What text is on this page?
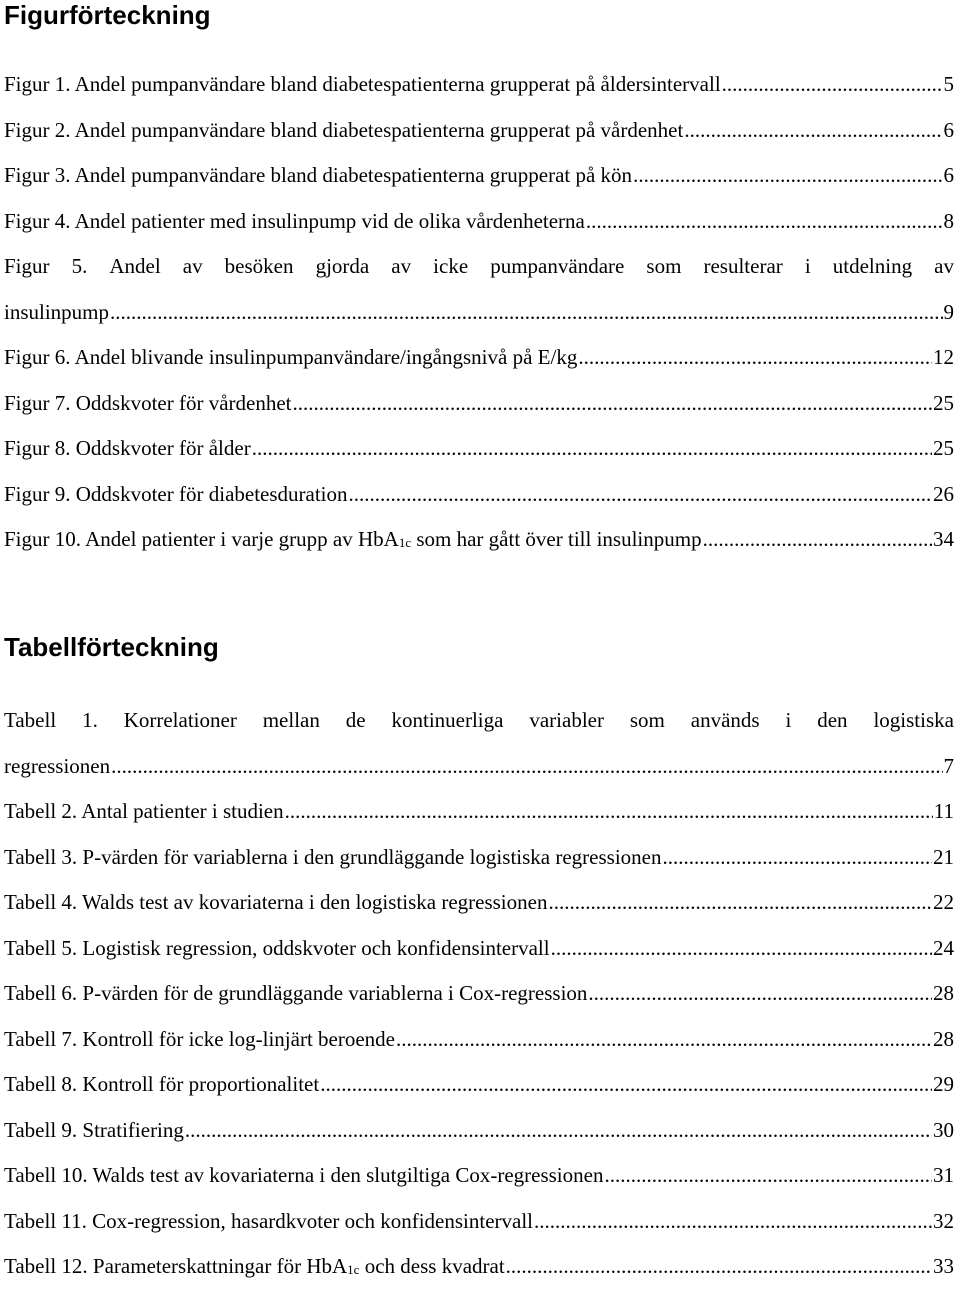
Figurförteckning
Figur 1. Andel pumpanvändare bland diabetespatienterna grupperat på åldersintervall .....	5
Figur 2. Andel pumpanvändare bland diabetespatienterna grupperat på vårdenhet .....	6
Figur 3. Andel pumpanvändare bland diabetespatienterna grupperat på kön .....	6
Figur 4. Andel patienter med insulinpump vid de olika vårdenheterna .....	8
Figur 5. Andel av besöken gjorda av icke pumpanvändare som resulterar i utdelning av
insulinpump .....	9
Figur 6. Andel blivande insulinpumpanvändare/ingångsnivå på E/kg .....	12
Figur 7. Oddskvoter för vårdenhet .....	25
Figur 8. Oddskvoter för ålder .....	25
Figur 9. Oddskvoter för diabetesduration .....	26
Figur 10. Andel patienter i varje grupp av HbA$_{1c}$ som har gått över till insulinpump .....	34
Tabellförteckning
Tabell 1. Korrelationer mellan de kontinuerliga variabler som används i den logistiska
regressionen .....	7
Tabell 2. Antal patienter i studien .....	11
Tabell 3. P-värden för variablerna i den grundläggande logistiska regressionen .....	21
Tabell 4. Walds test av kovariaterna i den logistiska regressionen .....	22
Tabell 5. Logistisk regression, oddskvoter och konfidensintervall .....	24
Tabell 6. P-värden för de grundläggande variablerna i Cox-regression .....	28
Tabell 7. Kontroll för icke log-linjärt beroende .....	28
Tabell 8. Kontroll för proportionalitet .....	29
Tabell 9. Stratifiering .....	30
Tabell 10. Walds test av kovariaterna i den slutgiltiga Cox-regressionen .....	31
Tabell 11. Cox-regression, hasardkvoter och konfidensintervall .....	32
Tabell 12. Parameterskattningar för HbA$_{1c}$ och dess kvadrat .....	33
